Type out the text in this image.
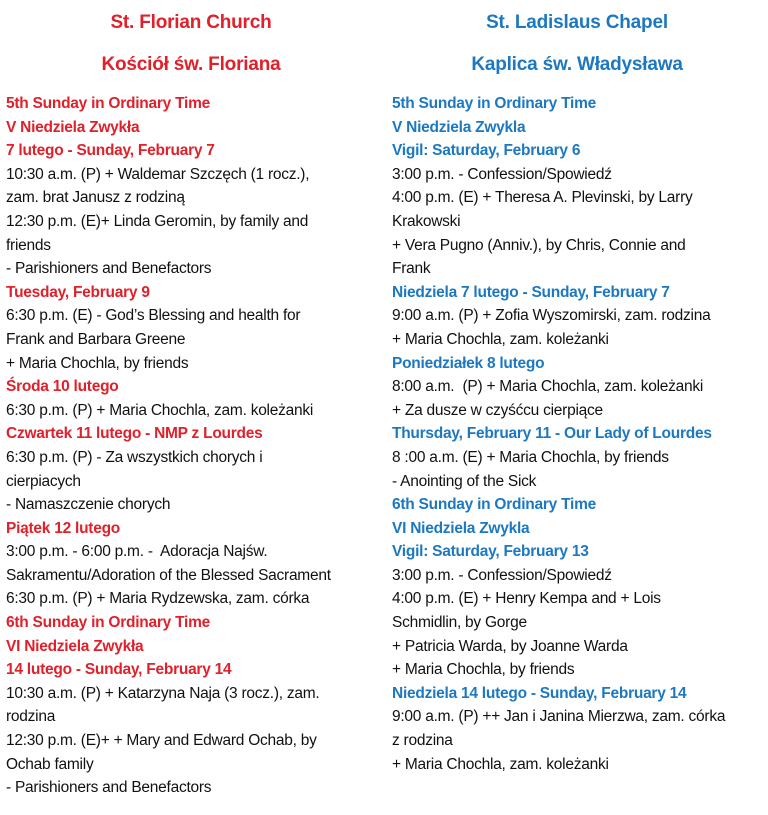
St. Florian Church
Kościół św. Floriana
5th Sunday in Ordinary Time
V Niedziela Zwykła
7 lutego - Sunday, February 7
10:30 a.m. (P) + Waldemar Szczęch (1 rocz.),
zam. brat Janusz z rodziną
12:30 p.m. (E)+ Linda Geromin, by family and
friends
- Parishioners and Benefactors
Tuesday, February 9
6:30 p.m. (E) - God’s Blessing and health for
Frank and Barbara Greene
+ Maria Chochla, by friends
Środa 10 lutego
6:30 p.m. (P) + Maria Chochla, zam. koleżanki
Czwartek 11 lutego - NMP z Lourdes
6:30 p.m. (P) - Za wszystkich chorych i
cierpiacych
- Namaszczenie chorych
Piątek 12 lutego
3:00 p.m. - 6:00 p.m. -  Adoracja Najśw.
Sakramentu/Adoration of the Blessed Sacrament
6:30 p.m. (P) + Maria Rydzewska, zam. córka
6th Sunday in Ordinary Time
VI Niedziela Zwykła
14 lutego - Sunday, February 14
10:30 a.m. (P) + Katarzyna Naja (3 rocz.), zam.
rodzina
12:30 p.m. (E)+ + Mary and Edward Ochab, by
Ochab family
- Parishioners and Benefactors
St. Ladislaus Chapel
Kaplica św. Władysława
5th Sunday in Ordinary Time
V Niedziela Zwykla
Vigil: Saturday, February 6
3:00 p.m. - Confession/Spowiedź
4:00 p.m. (E) + Theresa A. Plevinski, by Larry
Krakowski
+ Vera Pugno (Anniv.), by Chris, Connie and
Frank
Niedziela 7 lutego - Sunday, February 7
9:00 a.m. (P) + Zofia Wyszomirski, zam. rodzina
+ Maria Chochla, zam. koleżanki
Poniedziałek 8 lutego
8:00 a.m.  (P) + Maria Chochla, zam. koleżanki
+ Za dusze w czyśćcu cierpiące
Thursday, February 11 - Our Lady of Lourdes
8 :00 a.m. (E) + Maria Chochla, by friends
- Anointing of the Sick
6th Sunday in Ordinary Time
VI Niedziela Zwykla
Vigil: Saturday, February 13
3:00 p.m. - Confession/Spowiedź
4:00 p.m. (E) + Henry Kempa and + Lois
Schmidlin, by Gorge
+ Patricia Warda, by Joanne Warda
+ Maria Chochla, by friends
Niedziela 14 lutego - Sunday, February 14
9:00 a.m. (P) ++ Jan i Janina Mierzwa, zam. córka
z rodzina
+ Maria Chochla, zam. koleżanki
